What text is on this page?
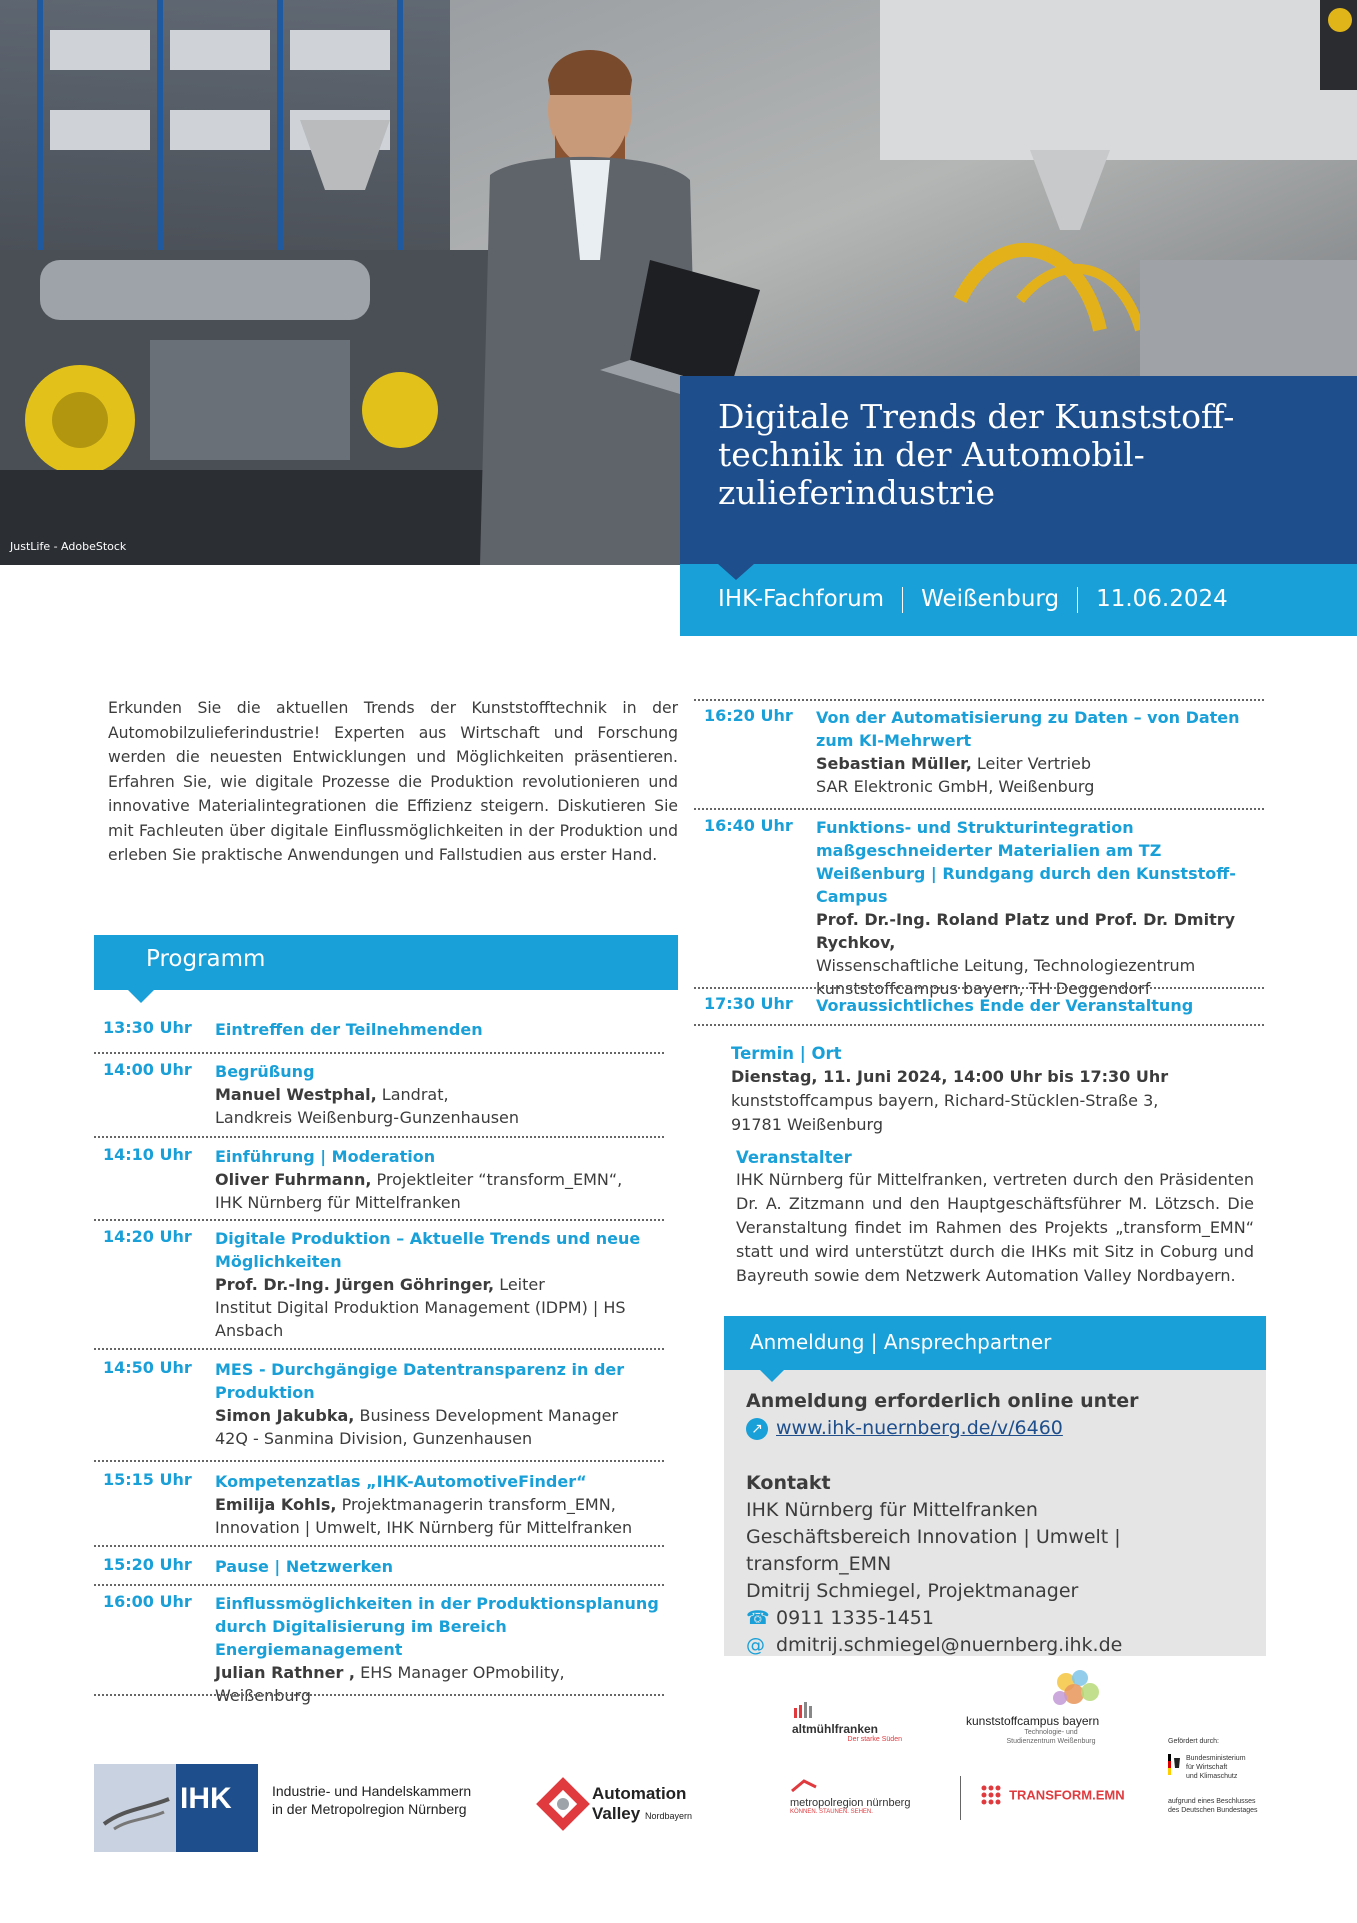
JustLife - AdobeStock
Digitale Trends der Kunststoff-
technik in der Automobil-
zulieferindustrie
IHK-Fachforum Weißenburg 11.06.2024
Erkunden Sie die aktuellen Trends der Kunststofftechnik in der Automobilzulieferindustrie! Experten aus Wirtschaft und Forschung werden die neuesten Entwicklungen und Möglichkeiten präsentieren. Erfahren Sie, wie digitale Prozesse die Produktion revolutionieren und innovative Materialintegrationen die Effizienz steigern. Diskutieren Sie mit Fachleuten über digitale Einflussmöglichkeiten in der Produktion und erleben Sie praktische Anwendungen und Fallstudien aus erster Hand.
Programm
13:30 Uhr Eintreffen der Teilnehmenden
14:00 Uhr Begrüßung
Manuel Westphal, Landrat,
Landkreis Weißenburg-Gunzenhausen
14:10 Uhr Einführung | Moderation
Oliver Fuhrmann, Projektleiter “transform_EMN“,
IHK Nürnberg für Mittelfranken
14:20 Uhr Digitale Produktion – Aktuelle Trends und neue Möglichkeiten
Prof. Dr.-Ing. Jürgen Göhringer, Leiter
Institut Digital Produktion Management (IDPM) | HS Ansbach
14:50 Uhr MES - Durchgängige Datentransparenz in der Produktion
Simon Jakubka, Business Development Manager
42Q - Sanmina Division, Gunzenhausen
15:15 Uhr Kompetenzatlas „IHK-AutomotiveFinder“
Emilija Kohls, Projektmanagerin transform_EMN,
Innovation | Umwelt, IHK Nürnberg für Mittelfranken
15:20 Uhr Pause | Netzwerken
16:00 Uhr Einflussmöglichkeiten in der Produktionsplanung durch Digitalisierung im Bereich Energiemanagement
Julian Rathner , EHS Manager OPmobility,
Weißenburg
16:20 Uhr Von der Automatisierung zu Daten – von Daten zum KI-Mehrwert
Sebastian Müller, Leiter Vertrieb
SAR Elektronic GmbH, Weißenburg
16:40 Uhr Funktions- und Strukturintegration maßgeschneiderter Materialien am TZ Weißenburg | Rundgang durch den Kunststoff-Campus
Prof. Dr.-Ing. Roland Platz und Prof. Dr. Dmitry Rychkov,
Wissenschaftliche Leitung, Technologiezentrum kunststoffcampus bayern, TH Deggendorf
17:30 Uhr Voraussichtliches Ende der Veranstaltung
Termin | Ort
Dienstag, 11. Juni 2024, 14:00 Uhr bis 17:30 Uhr
kunststoffcampus bayern, Richard-Stücklen-Straße 3,
91781 Weißenburg
Veranstalter
IHK Nürnberg für Mittelfranken, vertreten durch den Präsidenten Dr. A. Zitzmann und den Hauptgeschäftsführer M. Lötzsch. Die Veranstaltung findet im Rahmen des Projekts „transform_EMN“ statt und wird unterstützt durch die IHKs mit Sitz in Coburg und Bayreuth sowie dem Netzwerk Automation Valley Nordbayern.
Anmeldung | Ansprechpartner
Anmeldung erforderlich online unter
↗ www.ihk-nuernberg.de/v/6460
Kontakt
IHK Nürnberg für Mittelfranken
Geschäftsbereich Innovation | Umwelt | transform_EMN
Dmitrij Schmiegel, Projektmanager
☎ 0911 1335-1451
@ dmitrij.schmiegel@nuernberg.ihk.de
IHK	Industrie- und Handelskammern
in der Metropolregion Nürnberg
Automation
Valley Nordbayern
altmühlfranken
Der starke Süden
kunststoffcampus bayern
Technologie- und
Studienzentrum Weißenburg
metropolregion nürnberg
KÖNNEN. STAUNEN. SEHEN.
TRANSFORM.EMN
Gefördert durch:
Bundesministerium
für Wirtschaft
und Klimaschutz
aufgrund eines Beschlusses
des Deutschen Bundestages
